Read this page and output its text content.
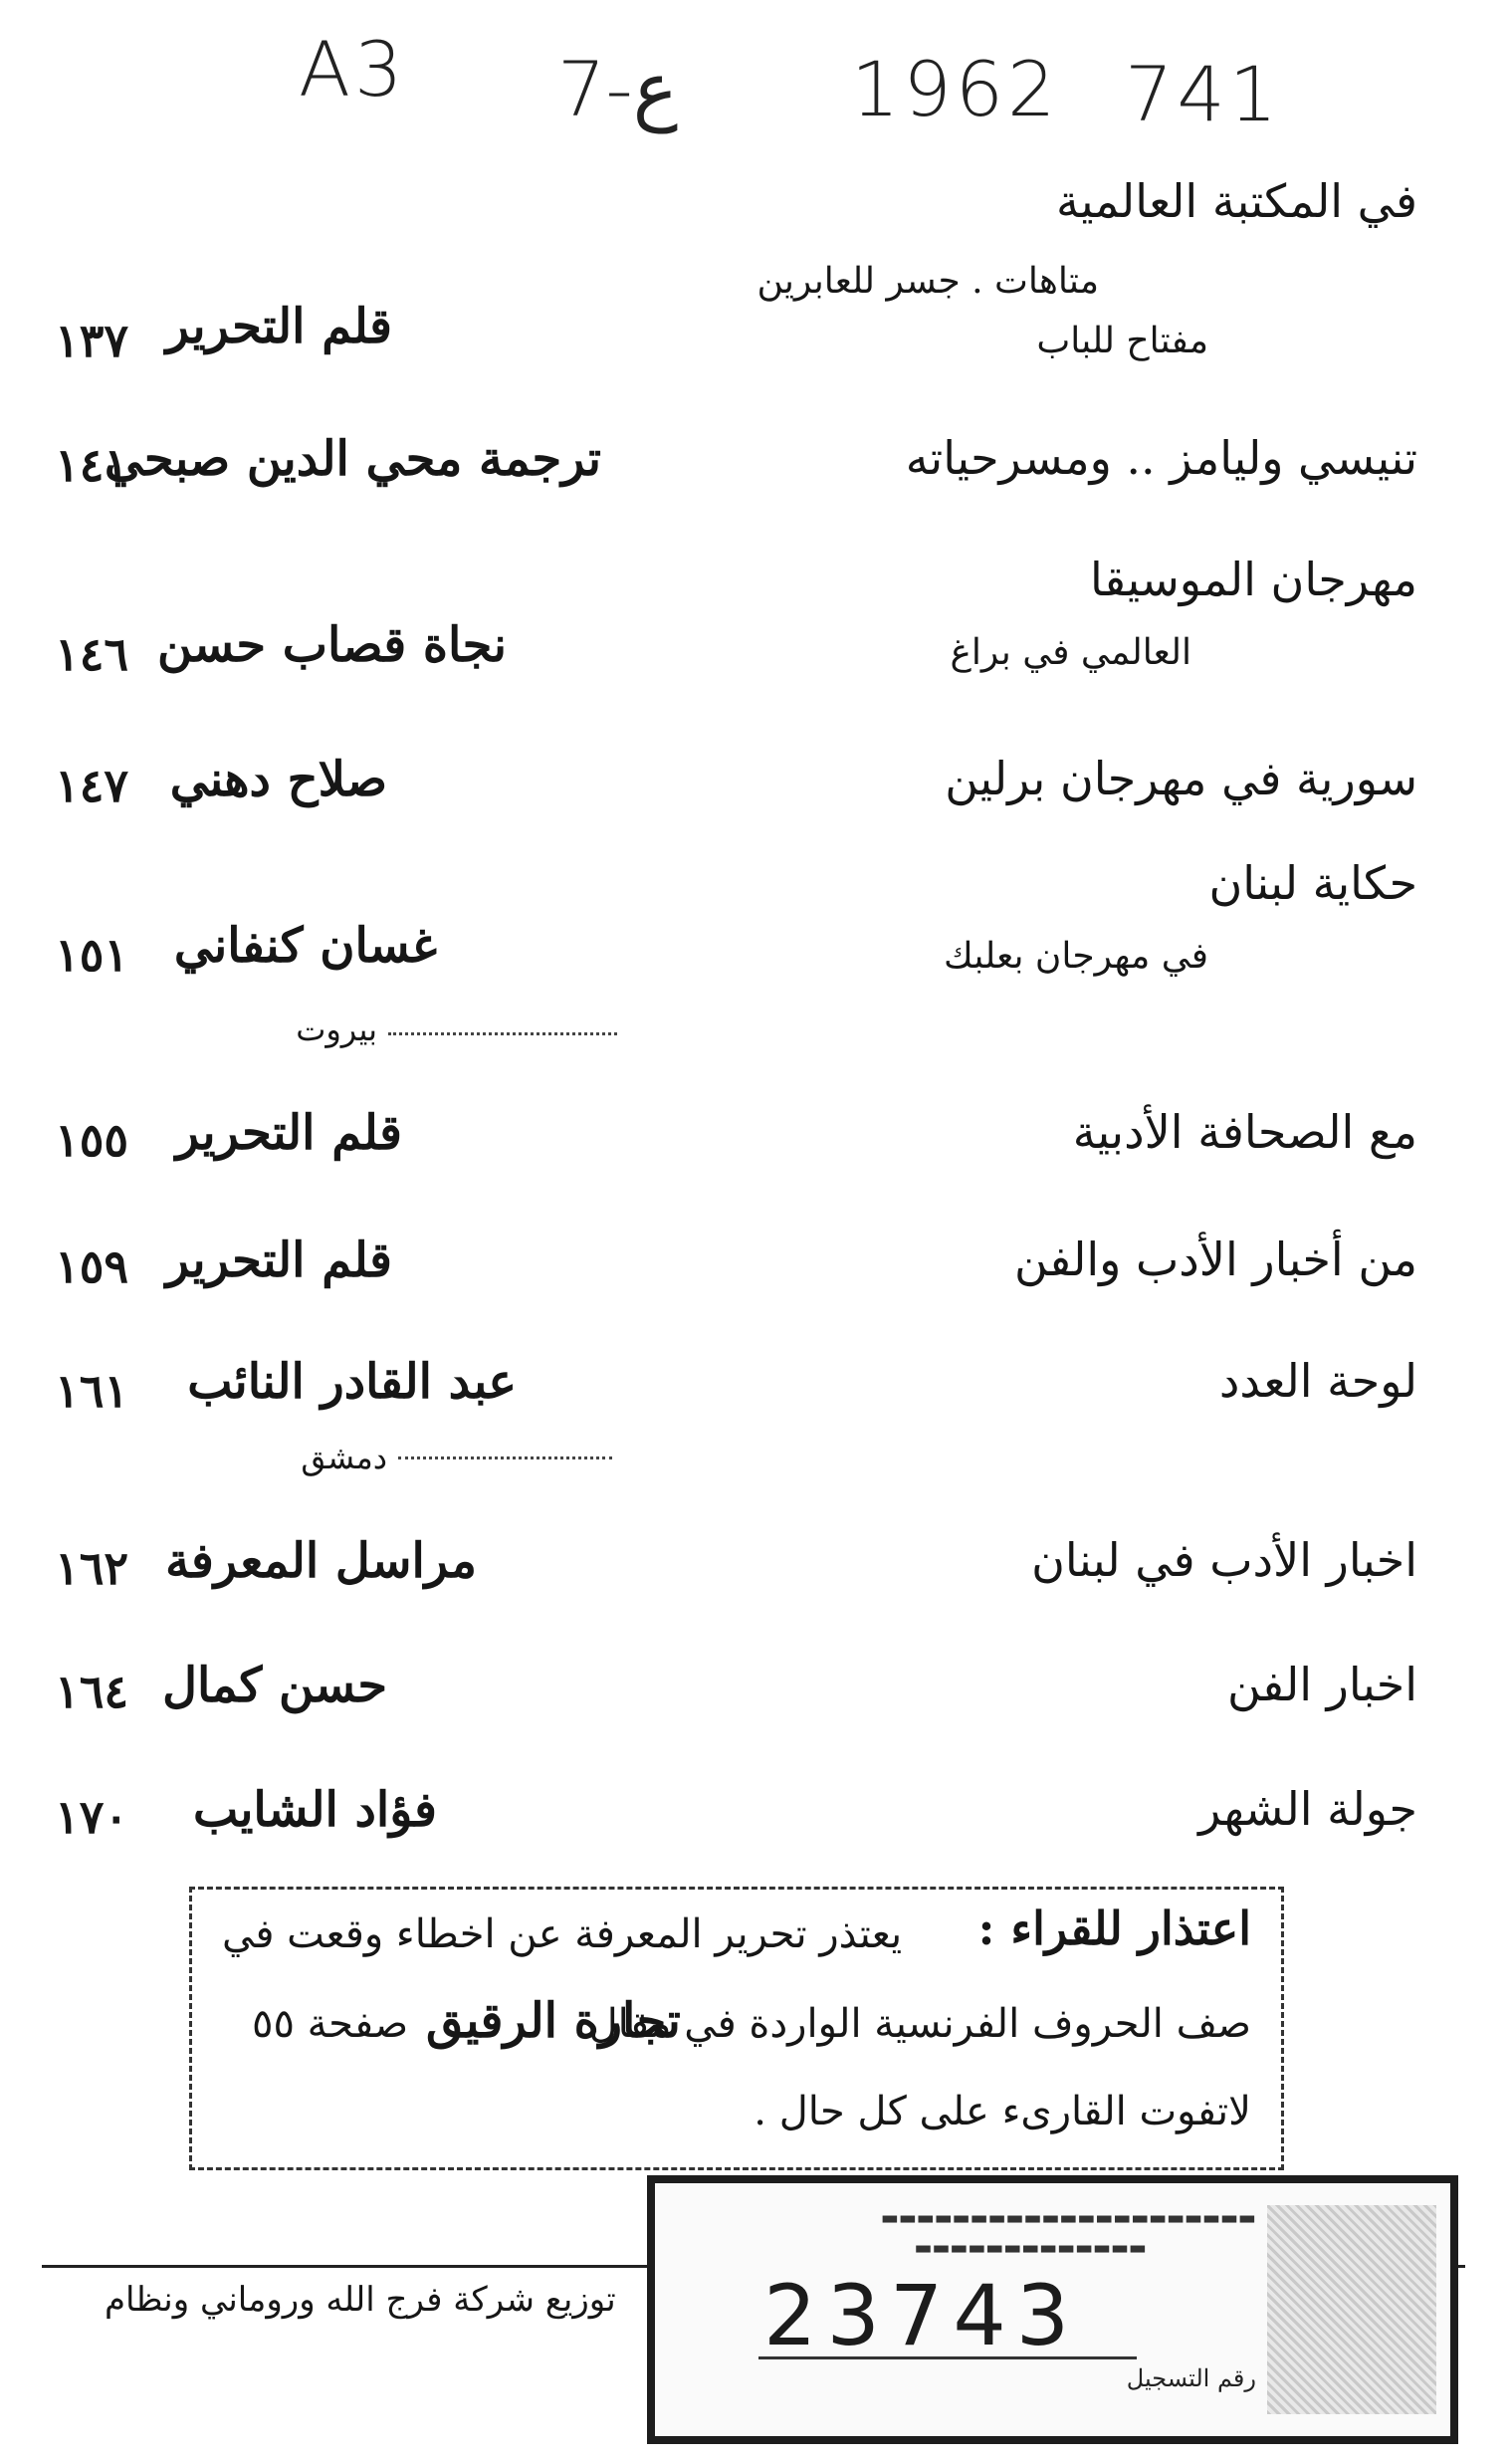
A3 7-ع 1962 741
في المكتبة العالمية
متاهات . جسر للعابرين
مفتاح للباب
قلم التحرير
١٣٧
تنيسي وليامز .. ومسرحياته
ترجمة محي الدين صبحي
١٤١
مهرجان الموسيقا
العالمي في براغ
نجاة قصاب حسن
١٤٦
سورية في مهرجان برلين
صلاح دهني
١٤٧
حكاية لبنان
في مهرجان بعلبك
غسان كنفاني
١٥١
بيروت
مع الصحافة الأدبية
قلم التحرير
١٥٥
من أخبار الأدب والفن
قلم التحرير
١٥٩
لوحة العدد
عبد القادر النائب
١٦١
دمشق
اخبار الأدب في لبنان
مراسل المعرفة
١٦٢
اخبار الفن
حسن كمال
١٦٤
جولة الشهر
فؤاد الشايب
١٧٠
اعتذار للقراء :
يعتذر تحرير المعرفة عن اخطاء وقعت في
صفحة ٥٥ تجارة الرقيق
صف الحروف الفرنسية الواردة في مقال
لاتفوت القارىء على كل حال .
توزيع شركة فرج الله وروماني ونظام
▬▬▬▬▬▬▬▬▬▬▬▬▬▬▬▬▬▬▬▬▬
▬▬▬▬▬▬▬▬▬▬▬▬▬
23743
رقم التسجيل
